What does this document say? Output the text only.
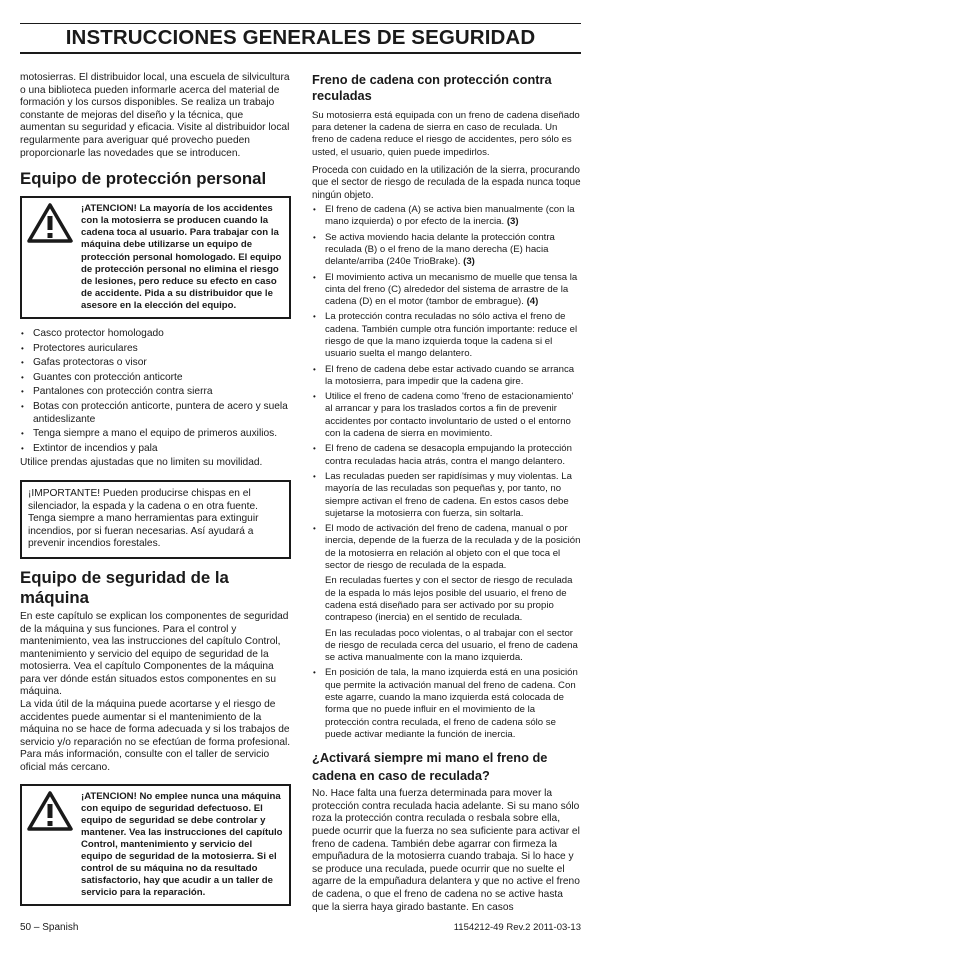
INSTRUCCIONES GENERALES DE SEGURIDAD

motosierras. El distribuidor local, una escuela de silvicultura o una biblioteca pueden informarle acerca del material de formación y los cursos disponibles. Se realiza un trabajo constante de mejoras del diseño y la técnica, que aumentan su seguridad y eficacia. Visite al distribuidor local regularmente para averiguar qué provecho pueden proporcionarle las novedades que se introducen.

Equipo de protección personal
¡ATENCION! La mayoría de los accidentes con la motosierra se producen cuando la cadena toca al usuario. Para trabajar con la máquina debe utilizarse un equipo de protección personal homologado. El equipo de protección personal no elimina el riesgo de lesiones, pero reduce su efecto en caso de accidente. Pida a su distribuidor que le asesore en la elección del equipo.
• Casco protector homologado
• Protectores auriculares
• Gafas protectoras o visor
• Guantes con protección anticorte
• Pantalones con protección contra sierra
• Botas con protección anticorte, puntera de acero y suela antideslizante
• Tenga siempre a mano el equipo de primeros auxilios.
• Extintor de incendios y pala

Utilice prendas ajustadas que no limiten su movilidad.

¡IMPORTANTE! Pueden producirse chispas en el silenciador, la espada y la cadena o en otra fuente. Tenga siempre a mano herramientas para extinguir incendios, por si fueran necesarias. Así ayudará a prevenir incendios forestales.
Equipo de seguridad de la máquina

En este capítulo se explican los componentes de seguridad de la máquina y sus funciones. Para el control y mantenimiento, vea las instrucciones del capítulo Control, mantenimiento y servicio del equipo de seguridad de la motosierra. Vea el capítulo Componentes de la máquina para ver dónde están situados estos componentes en su máquina.

La vida útil de la máquina puede acortarse y el riesgo de accidentes puede aumentar si el mantenimiento de la máquina no se hace de forma adecuada y si los trabajos de servicio y/o reparación no se efectúan de forma profesional. Para más información, consulte con el taller de servicio oficial más cercano.

¡ATENCION! No emplee nunca una máquina con equipo de seguridad defectuoso. El equipo de seguridad se debe controlar y mantener. Vea las instrucciones del capítulo Control, mantenimiento y servicio del equipo de seguridad de la motosierra. Si el control de su máquina no da resultado satisfactorio, hay que acudir a un taller de servicio para la reparación.
Freno de cadena con protección contra reculadas

Su motosierra está equipada con un freno de cadena diseñado para detener la cadena de sierra en caso de reculada. Un freno de cadena reduce el riesgo de accidentes, pero sólo es usted, el usuario, quien puede impedirlos.

Proceda con cuidado en la utilización de la sierra, procurando que el sector de riesgo de reculada de la espada nunca toque ningún objeto.

• El freno de cadena (A) se activa bien manualmente (con la mano izquierda) o por efecto de la inercia. (3)
• Se activa moviendo hacia delante la protección contra reculada (B) o el freno de la mano derecha (E) hacia delante/arriba (240e TrioBrake). (3)
• El movimiento activa un mecanismo de muelle que tensa la cinta del freno (C) alrededor del sistema de arrastre de la cadena (D) en el motor (tambor de embrague). (4)
• La protección contra reculadas no sólo activa el freno de cadena. También cumple otra función importante: reduce el riesgo de que la mano izquierda toque la cadena si el usuario suelta el mango delantero.
• El freno de cadena debe estar activado cuando se arranca la motosierra, para impedir que la cadena gire.
• Utilice el freno de cadena como 'freno de estacionamiento' al arrancar y para los traslados cortos a fin de prevenir accidentes por contacto involuntario de usted o el entorno con la cadena de sierra en movimiento.
• El freno de cadena se desacopla empujando la protección contra reculadas hacia atrás, contra el mango delantero.
• Las reculadas pueden ser rapidísimas y muy violentas. La mayoría de las reculadas son pequeñas y, por tanto, no siempre activan el freno de cadena. En estos casos debe sujetarse la motosierra con fuerza, sin soltarla.
• El modo de activación del freno de cadena, manual o por inercia, depende de la fuerza de la reculada y de la posición de la motosierra en relación al objeto con el que toca el sector de riesgo de reculada de la espada.

En reculadas fuertes y con el sector de riesgo de reculada de la espada lo más lejos posible del usuario, el freno de cadena está diseñado para ser activado por su propio contrapeso (inercia) en el sentido de reculada.

En las reculadas poco violentas, o al trabajar con el sector de riesgo de reculada cerca del usuario, el freno de cadena se activa manualmente con la mano izquierda.

• En posición de tala, la mano izquierda está en una posición que permite la activación manual del freno de cadena. Con este agarre, cuando la mano izquierda está colocada de forma que no puede influir en el movimiento de la protección contra reculada, el freno de cadena sólo se puede activar mediante la función de inercia.
¿Activará siempre mi mano el freno de cadena en caso de reculada?

No. Hace falta una fuerza determinada para mover la protección contra reculada hacia adelante. Si su mano sólo roza la protección contra reculada o resbala sobre ella, puede ocurrir que la fuerza no sea suficiente para activar el freno de cadena. También debe agarrar con firmeza la empuñadura de la motosierra cuando trabaja. Si lo hace y se produce una reculada, puede ocurrir que no suelte el agarre de la empuñadura delantera y que no active el freno de cadena, o que el freno de cadena no se active hasta que la sierra haya girado bastante. En casos

50 – Spanish	1154212-49 Rev.2 2011-03-13
